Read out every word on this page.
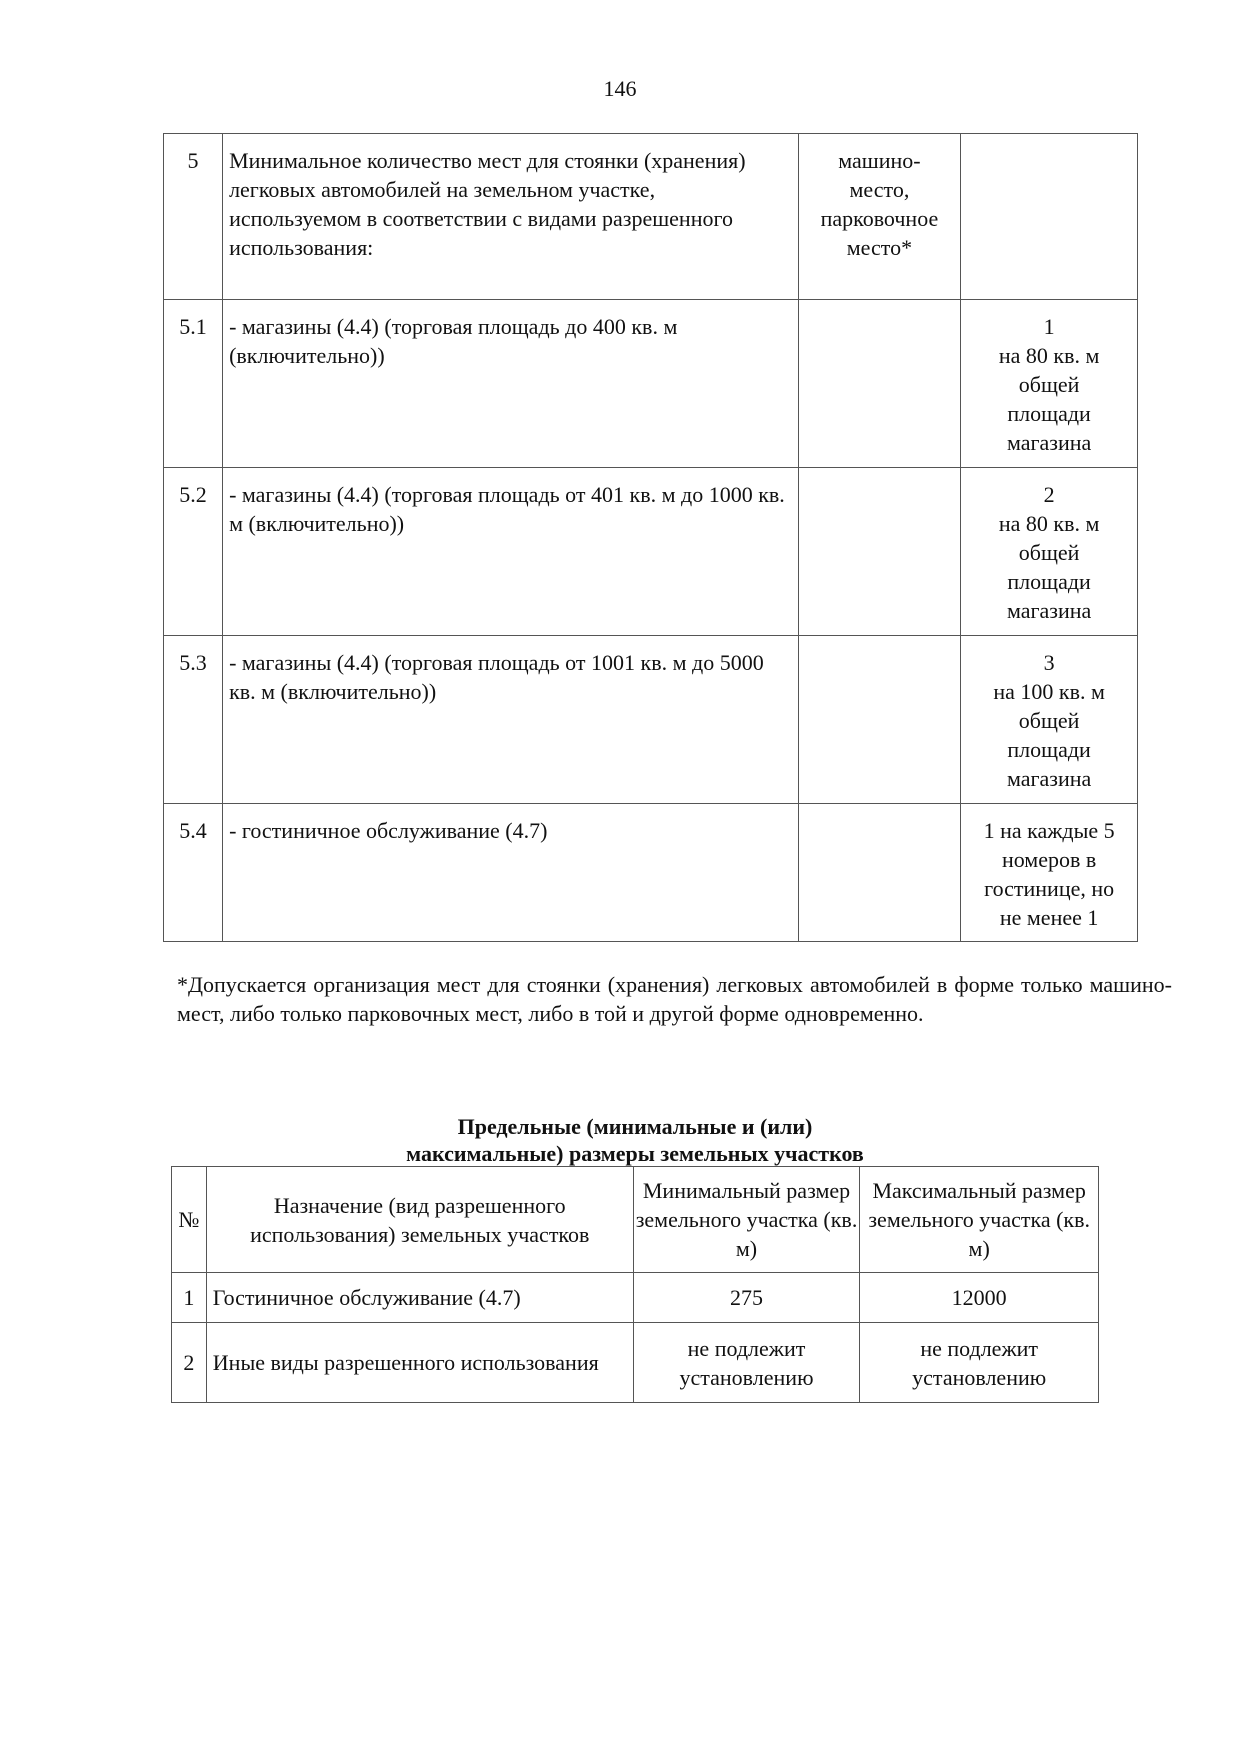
146
5	Минимальное количество мест для стоянки (хранения) легковых автомобилей на земельном участке, используемом в соответствии с видами разрешенного использования:	машино-
место,
парковочное
место*	

5.1	- магазины (4.4) (торговая площадь до 400 кв. м (включительно))		1
на 80 кв. м
общей
площади
магазина

5.2	- магазины (4.4) (торговая площадь от 401 кв. м до 1000 кв. м (включительно))		2
на 80 кв. м
общей
площади
магазина

5.3	- магазины (4.4) (торговая площадь от 1001 кв. м до 5000 кв. м (включительно))		3
на 100 кв. м
общей
площади
магазина

5.4	- гостиничное обслуживание (4.7)		1 на каждые 5
номеров в
гостинице, но
не менее 1
*Допускается организация мест для стоянки (хранения) легковых автомобилей в форме только машино-мест, либо только парковочных мест, либо в той и другой форме одновременно.
Предельные (минимальные и (или)
максимальные) размеры земельных участков
№	Назначение (вид разрешенного использования) земельных участков	Минимальный размер земельного участка (кв. м)	Максимальный размер земельного участка (кв. м)
1	Гостиничное обслуживание (4.7)	275	12000
2	Иные виды разрешенного использования	не подлежит установлению	не подлежит установлению
